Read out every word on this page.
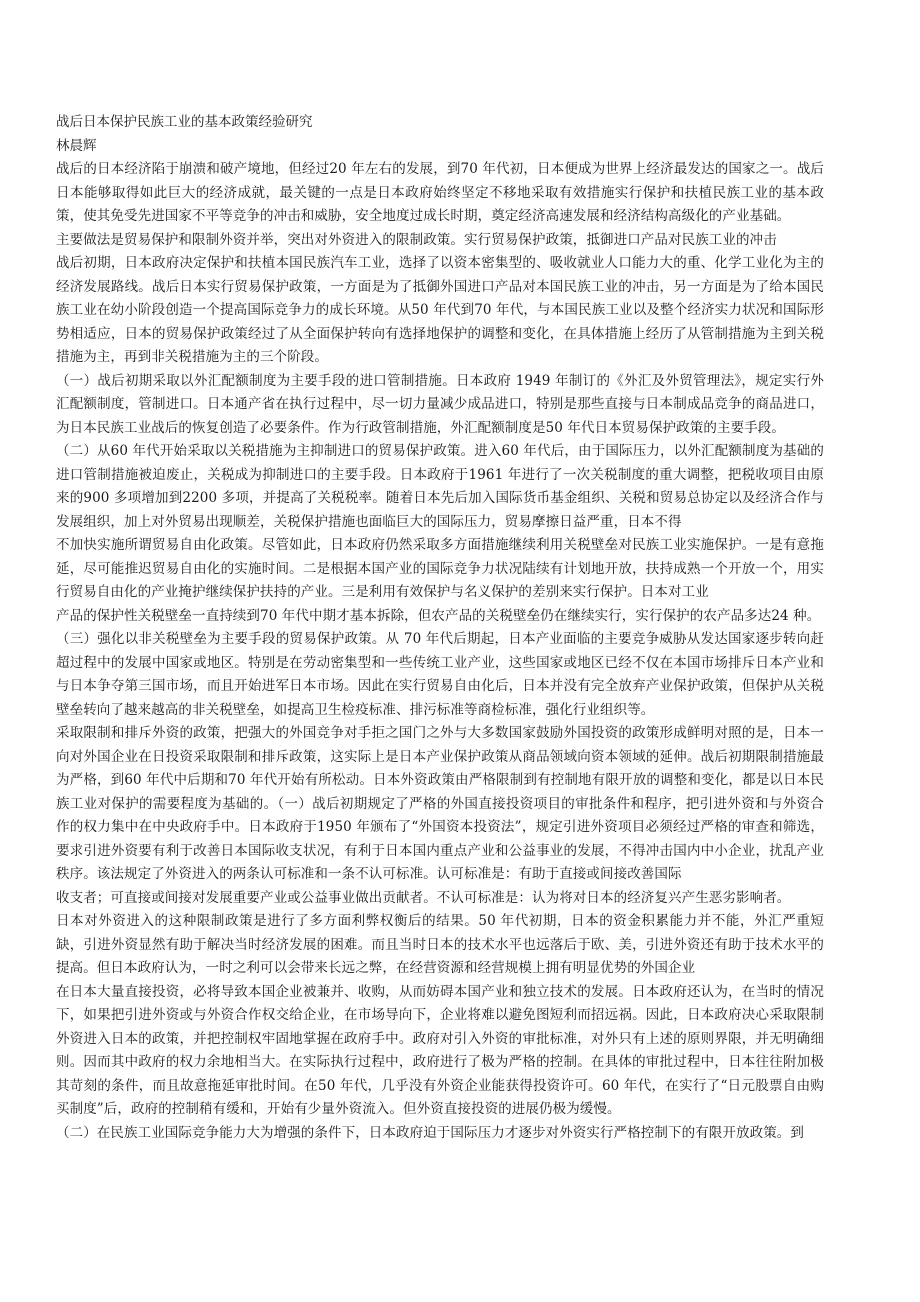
战后日本保护民族工业的基本政策经验研究

林晨辉

战后的日本经济陷于崩溃和破产境地，但经过20 年左右的发展，到70 年代初，日本便成为世界上经济最发达的国家之一。战后日本能够取得如此巨大的经济成就，最关键的一点是日本政府始终坚定不移地采取有效措施实行保护和扶植民族工业的基本政策，使其免受先进国家不平等竞争的冲击和威胁，安全地度过成长时期，奠定经济高速发展和经济结构高级化的产业基础。

主要做法是贸易保护和限制外资并举，突出对外资进入的限制政策。实行贸易保护政策，抵御进口产品对民族工业的冲击

战后初期，日本政府决定保护和扶植本国民族汽车工业，选择了以资本密集型的、吸收就业人口能力大的重、化学工业化为主的经济发展路线。战后日本实行贸易保护政策，一方面是为了抵御外国进口产品对本国民族工业的冲击，另一方面是为了给本国民族工业在幼小阶段创造一个提高国际竞争力的成长环境。从50 年代到70 年代，与本国民族工业以及整个经济实力状况和国际形势相适应，日本的贸易保护政策经过了从全面保护转向有选择地保护的调整和变化，在具体措施上经历了从管制措施为主到关税措施为主，再到非关税措施为主的三个阶段。

（一）战后初期采取以外汇配额制度为主要手段的进口管制措施。日本政府 1949 年制订的《外汇及外贸管理法》，规定实行外汇配额制度，管制进口。日本通产省在执行过程中，尽一切力量减少成品进口，特别是那些直接与日本制成品竞争的商品进口，为日本民族工业战后的恢复创造了必要条件。作为行政管制措施，外汇配额制度是50 年代日本贸易保护政策的主要手段。

（二）从60 年代开始采取以关税措施为主抑制进口的贸易保护政策。进入60 年代后，由于国际压力，以外汇配额制度为基础的进口管制措施被迫废止，关税成为抑制进口的主要手段。日本政府于1961 年进行了一次关税制度的重大调整，把税收项目由原来的900 多项增加到2200 多项，并提高了关税税率。随着日本先后加入国际货币基金组织、关税和贸易总协定以及经济合作与发展组织，加上对外贸易出现顺差，关税保护措施也面临巨大的国际压力，贸易摩擦日益严重，日本不得

不加快实施所谓贸易自由化政策。尽管如此，日本政府仍然采取多方面措施继续利用关税壁垒对民族工业实施保护。一是有意拖延，尽可能推迟贸易自由化的实施时间。二是根据本国产业的国际竞争力状况陆续有计划地开放，扶持成熟一个开放一个，用实行贸易自由化的产业掩护继续保护扶持的产业。三是利用有效保护与名义保护的差别来实行保护。日本对工业

产品的保护性关税壁垒一直持续到70 年代中期才基本拆除，但农产品的关税壁垒仍在继续实行，实行保护的农产品多达24 种。

（三）强化以非关税壁垒为主要手段的贸易保护政策。从 70 年代后期起，日本产业面临的主要竞争威胁从发达国家逐步转向赶超过程中的发展中国家或地区。特别是在劳动密集型和一些传统工业产业，这些国家或地区已经不仅在本国市场排斥日本产业和与日本争夺第三国市场，而且开始进军日本市场。因此在实行贸易自由化后，日本并没有完全放弃产业保护政策，但保护从关税壁垒转向了越来越高的非关税壁垒，如提高卫生检疫标准、排污标准等商检标准，强化行业组织等。

采取限制和排斥外资的政策，把强大的外国竞争对手拒之国门之外与大多数国家鼓励外国投资的政策形成鲜明对照的是，日本一向对外国企业在日投资采取限制和排斥政策，这实际上是日本产业保护政策从商品领域向资本领域的延伸。战后初期限制措施最为严格，到60 年代中后期和70 年代开始有所松动。日本外资政策由严格限制到有控制地有限开放的调整和变化，都是以日本民族工业对保护的需要程度为基础的。（一）战后初期规定了严格的外国直接投资项目的审批条件和程序，把引进外资和与外资合作的权力集中在中央政府手中。日本政府于1950 年颁布了“外国资本投资法”，规定引进外资项目必须经过严格的审查和筛选，要求引进外资要有利于改善日本国际收支状况，有利于日本国内重点产业和公益事业的发展，不得冲击国内中小企业，扰乱产业秩序。该法规定了外资进入的两条认可标准和一条不认可标准。认可标准是：有助于直接或间接改善国际

收支者；可直接或间接对发展重要产业或公益事业做出贡献者。不认可标准是：认为将对日本的经济复兴产生恶劣影响者。

日本对外资进入的这种限制政策是进行了多方面利弊权衡后的结果。50 年代初期，日本的资金积累能力并不能，外汇严重短缺，引进外资显然有助于解决当时经济发展的困难。而且当时日本的技术水平也远落后于欧、美，引进外资还有助于技术水平的提高。但日本政府认为，一时之利可以会带来长远之弊，在经营资源和经营规模上拥有明显优势的外国企业

在日本大量直接投资，必将导致本国企业被兼并、收购，从而妨碍本国产业和独立技术的发展。日本政府还认为，在当时的情况下，如果把引进外资或与外资合作权交给企业，在市场导向下，企业将难以避免图短利而招远祸。因此，日本政府决心采取限制外资进入日本的政策，并把控制权牢固地掌握在政府手中。政府对引入外资的审批标准，对外只有上述的原则界限，并无明确细则。因而其中政府的权力余地相当大。在实际执行过程中，政府进行了极为严格的控制。在具体的审批过程中，日本往往附加极其苛刻的条件，而且故意拖延审批时间。在50 年代，几乎没有外资企业能获得投资许可。60 年代，在实行了“日元股票自由购买制度”后，政府的控制稍有缓和，开始有少量外资流入。但外资直接投资的进展仍极为缓慢。

（二）在民族工业国际竞争能力大为增强的条件下，日本政府迫于国际压力才逐步对外资实行严格控制下的有限开放政策。到
